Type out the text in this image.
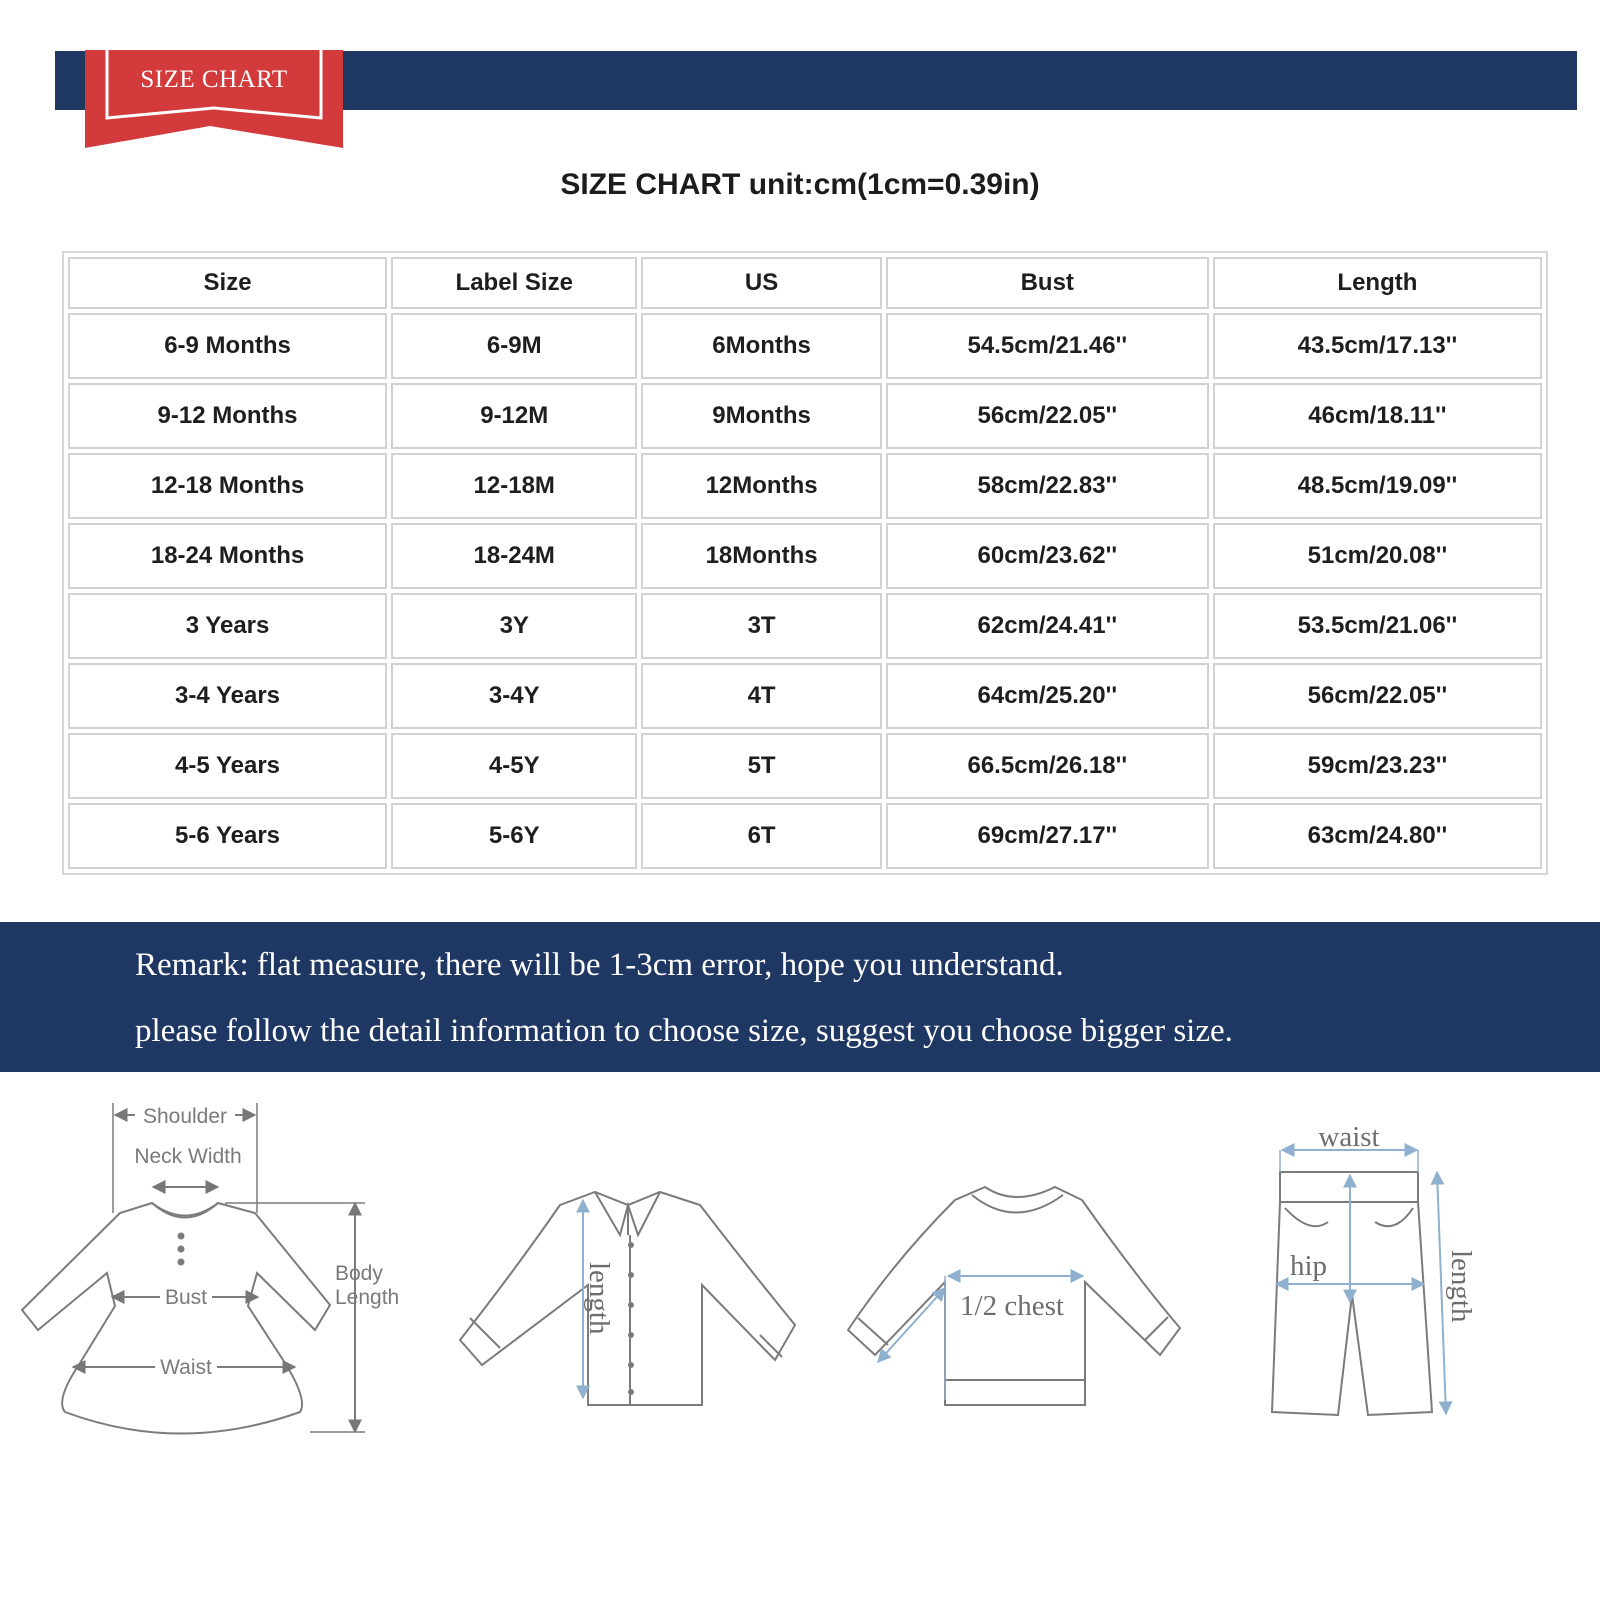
SIZE CHART
SIZE CHART unit:cm(1cm=0.39in)
Size	Label Size	US	Bust	Length
6-9 Months	6-9M	6Months	54.5cm/21.46''	43.5cm/17.13''
9-12 Months	9-12M	9Months	56cm/22.05''	46cm/18.11''
12-18 Months	12-18M	12Months	58cm/22.83''	48.5cm/19.09''
18-24 Months	18-24M	18Months	60cm/23.62''	51cm/20.08''
3 Years	3Y	3T	62cm/24.41''	53.5cm/21.06''
3-4 Years	3-4Y	4T	64cm/25.20''	56cm/22.05''
4-5 Years	4-5Y	5T	66.5cm/26.18''	59cm/23.23''
5-6 Years	5-6Y	6T	69cm/27.17''	63cm/24.80''

Remark: flat measure, there will be 1-3cm error, hope you understand.

please follow the detail information to choose size, suggest you choose bigger size.

Shoulder
Neck Width
Bust
Waist
Body
Length	length	1/2 chest
waist
hip	length
